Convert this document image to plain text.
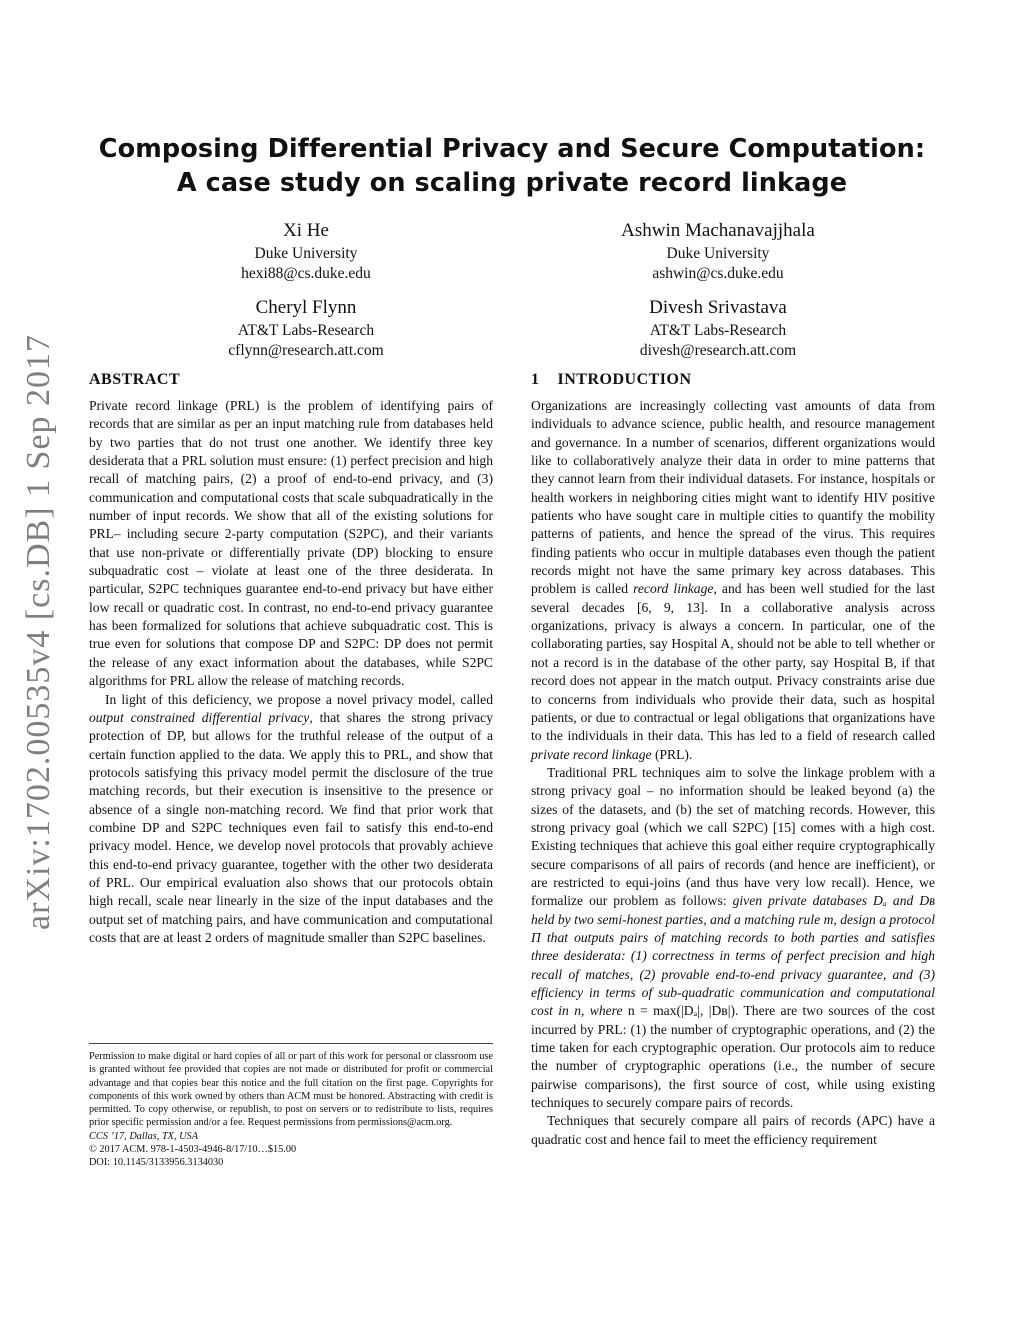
Composing Differential Privacy and Secure Computation:
A case study on scaling private record linkage
Xi He
Duke University
hexi88@cs.duke.edu
Ashwin Machanavajjhala
Duke University
ashwin@cs.duke.edu
Cheryl Flynn
AT&T Labs-Research
cflynn@research.att.com
Divesh Srivastava
AT&T Labs-Research
divesh@research.att.com
arXiv:1702.00535v4 [cs.DB] 1 Sep 2017 ABSTRACT

Private record linkage (PRL) is the problem of identifying pairs of records that are similar as per an input matching rule from databases held by two parties that do not trust one another. We identify three key desiderata that a PRL solution must ensure: (1) perfect precision and high recall of matching pairs, (2) a proof of end-to-end privacy, and (3) communication and computational costs that scale subquadratically in the number of input records. We show that all of the existing solutions for PRL– including secure 2-party computation (S2PC), and their variants that use non-private or differentially private (DP) blocking to ensure subquadratic cost – violate at least one of the three desiderata. In particular, S2PC techniques guarantee end-to-end privacy but have either low recall or quadratic cost. In contrast, no end-to-end privacy guarantee has been formalized for solutions that achieve subquadratic cost. This is true even for solutions that compose DP and S2PC: DP does not permit the release of any exact information about the databases, while S2PC algorithms for PRL allow the release of matching records.

In light of this deficiency, we propose a novel privacy model, called output constrained differential privacy, that shares the strong privacy protection of DP, but allows for the truthful release of the output of a certain function applied to the data. We apply this to PRL, and show that protocols satisfying this privacy model permit the disclosure of the true matching records, but their execution is insensitive to the presence or absence of a single non-matching record. We find that prior work that combine DP and S2PC techniques even fail to satisfy this end-to-end privacy model. Hence, we develop novel protocols that provably achieve this end-to-end privacy guarantee, together with the other two desiderata of PRL. Our empirical evaluation also shows that our protocols obtain high recall, scale near linearly in the size of the input databases and the output set of matching pairs, and have communication and computational costs that are at least 2 orders of magnitude smaller than S2PC baselines.

Permission to make digital or hard copies of all or part of this work for personal or classroom use is granted without fee provided that copies are not made or distributed for profit or commercial advantage and that copies bear this notice and the full citation on the first page. Copyrights for components of this work owned by others than ACM must be honored. Abstracting with credit is permitted. To copy otherwise, or republish, to post on servers or to redistribute to lists, requires prior specific permission and/or a fee. Request permissions from permissions@acm.org.

CCS ’17, Dallas, TX, USA

© 2017 ACM. 978-1-4503-4946-8/17/10…$15.00

DOI: 10.1145/3133956.3134030

1 INTRODUCTION

Organizations are increasingly collecting vast amounts of data from individuals to advance science, public health, and resource management and governance. In a number of scenarios, different organizations would like to collaboratively analyze their data in order to mine patterns that they cannot learn from their individual datasets. For instance, hospitals or health workers in neighboring cities might want to identify HIV positive patients who have sought care in multiple cities to quantify the mobility patterns of patients, and hence the spread of the virus. This requires finding patients who occur in multiple databases even though the patient records might not have the same primary key across databases. This problem is called record linkage, and has been well studied for the last several decades [6, 9, 13]. In a collaborative analysis across organizations, privacy is always a concern. In particular, one of the collaborating parties, say Hospital A, should not be able to tell whether or not a record is in the database of the other party, say Hospital B, if that record does not appear in the match output. Privacy constraints arise due to concerns from individuals who provide their data, such as hospital patients, or due to contractual or legal obligations that organizations have to the individuals in their data. This has led to a field of research called private record linkage (PRL).

Traditional PRL techniques aim to solve the linkage problem with a strong privacy goal – no information should be leaked beyond (a) the sizes of the datasets, and (b) the set of matching records. However, this strong privacy goal (which we call S2PC) [15] comes with a high cost. Existing techniques that achieve this goal either require cryptographically secure comparisons of all pairs of records (and hence are inefficient), or are restricted to equi-joins (and thus have very low recall). Hence, we formalize our problem as follows: given private databases Dₐ and Dʙ held by two semi-honest parties, and a matching rule m, design a protocol Π that outputs pairs of matching records to both parties and satisfies three desiderata: (1) correctness in terms of perfect precision and high recall of matches, (2) provable end-to-end privacy guarantee, and (3) efficiency in terms of sub-quadratic communication and computational cost in n, where n = max(|Dₐ|, |Dʙ|). There are two sources of the cost incurred by PRL: (1) the number of cryptographic operations, and (2) the time taken for each cryptographic operation. Our protocols aim to reduce the number of cryptographic operations (i.e., the number of secure pairwise comparisons), the first source of cost, while using existing techniques to securely compare pairs of records.

Techniques that securely compare all pairs of records (APC) have a quadratic cost and hence fail to meet the efficiency requirement
